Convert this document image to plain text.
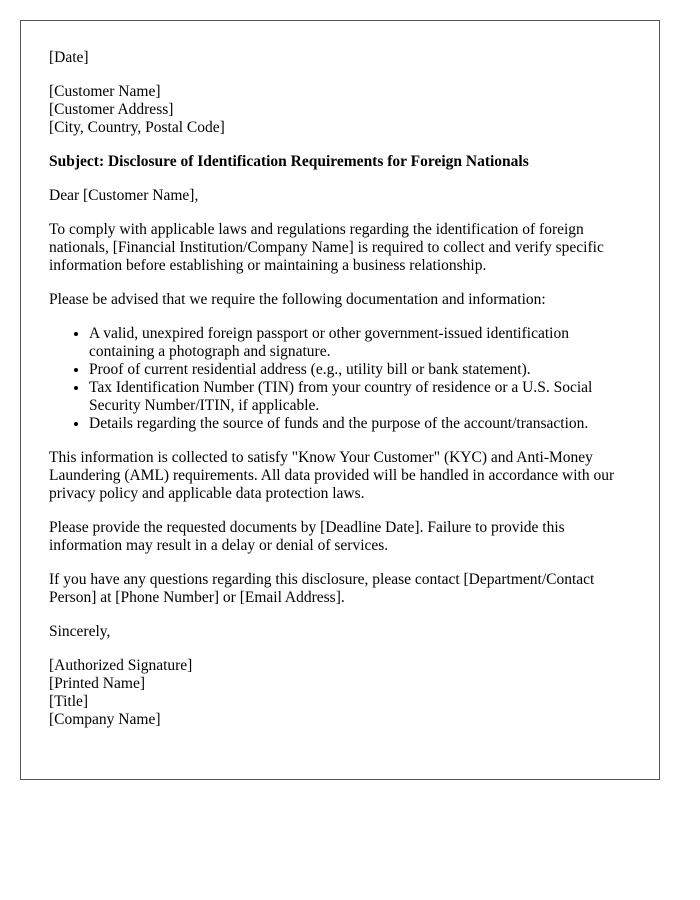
[Date]
[Customer Name]
[Customer Address]
[City, Country, Postal Code]
Subject: Disclosure of Identification Requirements for Foreign Nationals
Dear [Customer Name],
To comply with applicable laws and regulations regarding the identification of foreign nationals, [Financial Institution/Company Name] is required to collect and verify specific information before establishing or maintaining a business relationship.
Please be advised that we require the following documentation and information:
• A valid, unexpired foreign passport or other government-issued identification containing a photograph and signature.
• Proof of current residential address (e.g., utility bill or bank statement).
• Tax Identification Number (TIN) from your country of residence or a U.S. Social Security Number/ITIN, if applicable.
• Details regarding the source of funds and the purpose of the account/transaction.
This information is collected to satisfy "Know Your Customer" (KYC) and Anti-Money Laundering (AML) requirements. All data provided will be handled in accordance with our privacy policy and applicable data protection laws.
Please provide the requested documents by [Deadline Date]. Failure to provide this information may result in a delay or denial of services.
If you have any questions regarding this disclosure, please contact [Department/Contact Person] at [Phone Number] or [Email Address].
Sincerely,
[Authorized Signature]
[Printed Name]
[Title]
[Company Name]
